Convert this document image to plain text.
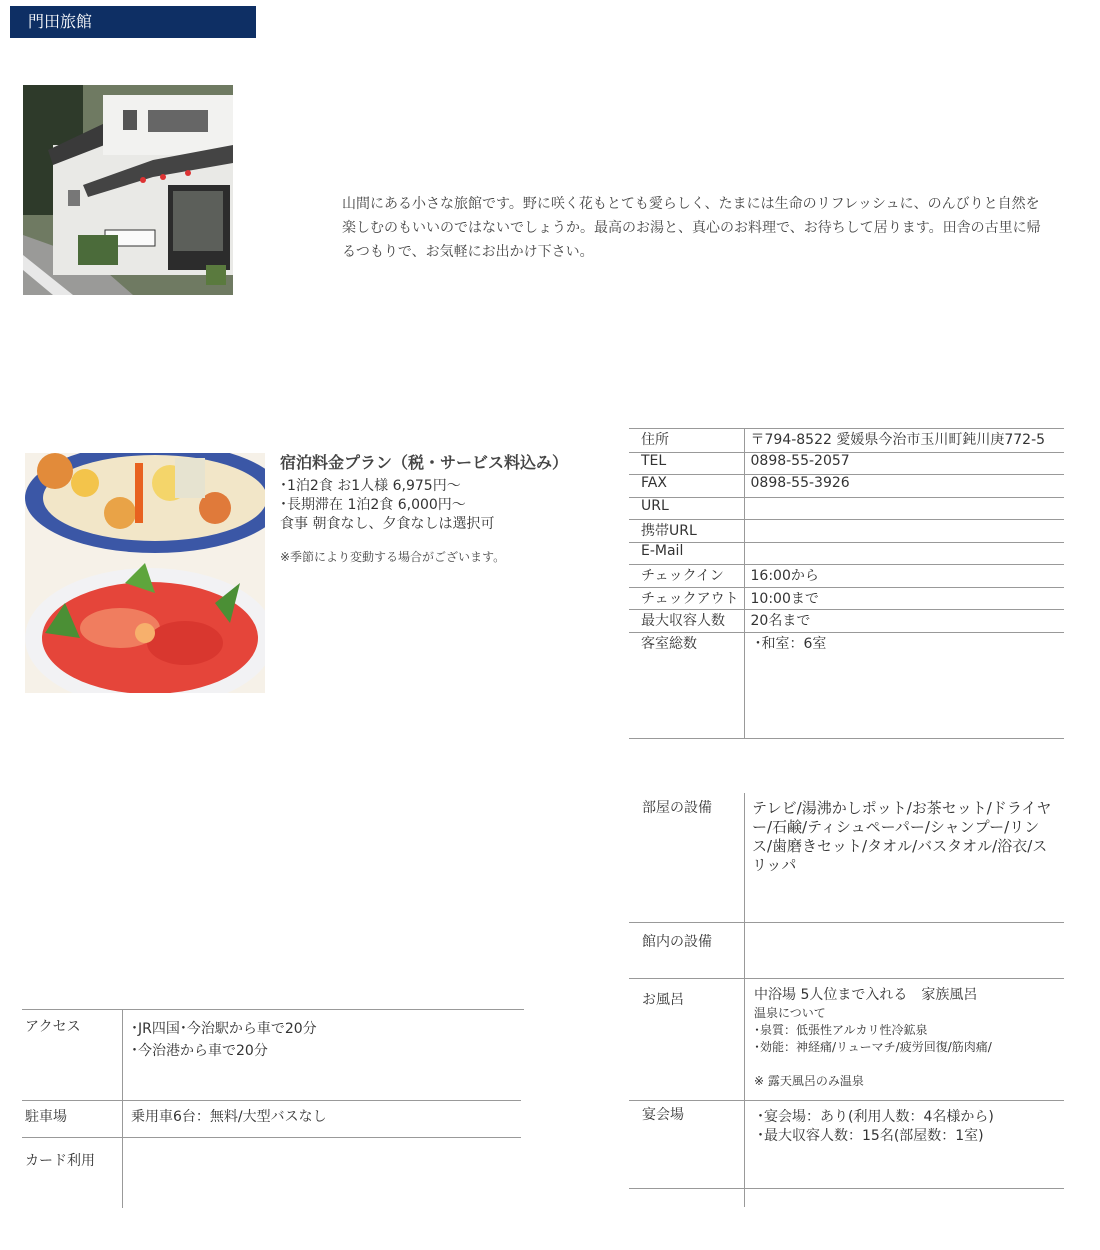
門田旅館
山間にある小さな旅館です。野に咲く花もとても愛らしく、たまには生命のリフレッシュに、のんびりと自然を楽しむのもいいのではないでしょうか。最高のお湯と、真心のお料理で、お待ちして居ります。田舎の古里に帰るつもりで、お気軽にお出かけ下さい。
宿泊料金プラン（税・サービス料込み）
･1泊2食 お1人様 6,975円～
･長期滞在 1泊2食 6,000円～
食事 朝食なし、夕食なしは選択可
※季節により変動する場合がございます。
住所	〒794-8522 愛媛県今治市玉川町鈍川庚772-5
TEL	0898-55-2057
FAX	0898-55-3926
URL	
携帯URL	
E-Mail	
チェックイン	16:00から
チェックアウト	10:00まで
最大収容人数	20名まで
客室総数	･和室：6室
部屋の設備	テレビ/湯沸かしポット/お茶セット/ドライヤー/石鹸/ティシュペーパー/シャンプー/リンス/歯磨きセット/タオル/バスタオル/浴衣/スリッパ
館内の設備
お風呂	中浴場 5人位まで入れる　家族風呂
温泉について
･泉質：低張性アルカリ性冷鉱泉
･効能：神経痛/リューマチ/疲労回復/筋肉痛/
※ 露天風呂のみ温泉
宴会場	･宴会場：あり(利用人数：4名様から)
･最大収容人数：15名(部屋数：1室)
アクセス	･JR四国･今治駅から車で20分
･今治港から車で20分
駐車場	乗用車6台：無料/大型バスなし
カード利用
